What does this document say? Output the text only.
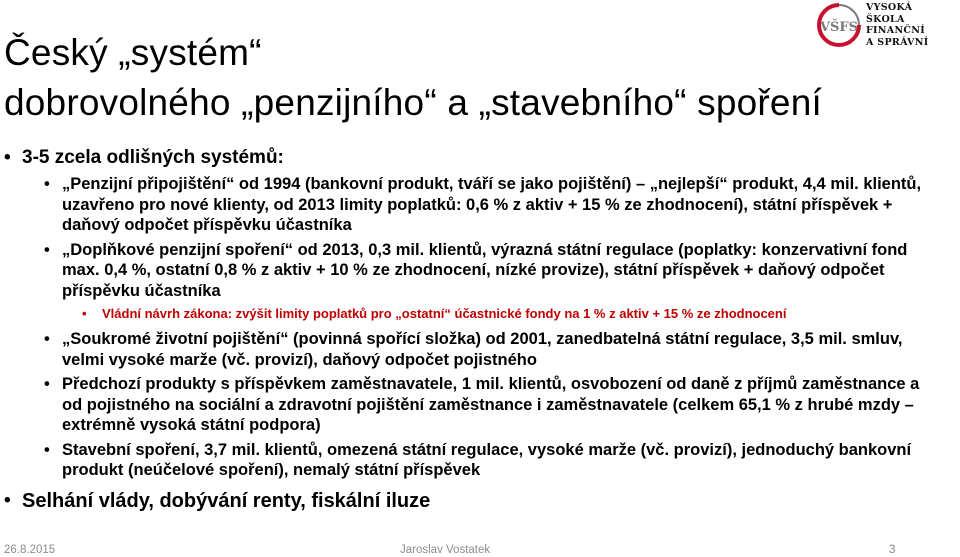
Český „systém“
dobrovolného „penzijního“ a „stavebního“ spoření
VŠFS
VYSOKÁ ŠKOLA
FINANČNÍ
A SPRÁVNÍ
• 3-5 zcela odlišných systémů:
• „Penzijní připojištění“ od 1994 (bankovní produkt, tváří se jako pojištění) – „nejlepší“ produkt, 4,4 mil. klientů, uzavřeno pro nové klienty, od 2013 limity poplatků: 0,6 % z aktiv + 15 % ze zhodnocení), státní příspěvek + daňový odpočet příspěvku účastníka
• „Doplňkové penzijní spoření“ od 2013, 0,3 mil. klientů, výrazná státní regulace (poplatky: konzervativní fond max. 0,4 %, ostatní 0,8 % z aktiv + 10 % ze zhodnocení, nízké provize), státní příspěvek + daňový odpočet příspěvku účastníka
• Vládní návrh zákona: zvýšit limity poplatků pro „ostatní“ účastnické fondy na 1 % z aktiv + 15 % ze zhodnocení
• „Soukromé životní pojištění“ (povinná spořící složka) od 2001, zanedbatelná státní regulace, 3,5 mil. smluv, velmi vysoké marže (vč. provizí), daňový odpočet pojistného
• Předchozí produkty s příspěvkem zaměstnavatele, 1 mil. klientů, osvobození od daně z příjmů zaměstnance a od pojistného na sociální a zdravotní pojištění zaměstnance i zaměstnavatele (celkem 65,1 % z hrubé mzdy – extrémně vysoká státní podpora)
• Stavební spoření, 3,7 mil. klientů, omezená státní regulace, vysoké marže (vč. provizí), jednoduchý bankovní produkt (neúčelové spoření), nemalý státní příspěvek
• Selhání vlády, dobývání renty, fiskální iluze
26.8.2015	Jaroslav Vostatek	3
